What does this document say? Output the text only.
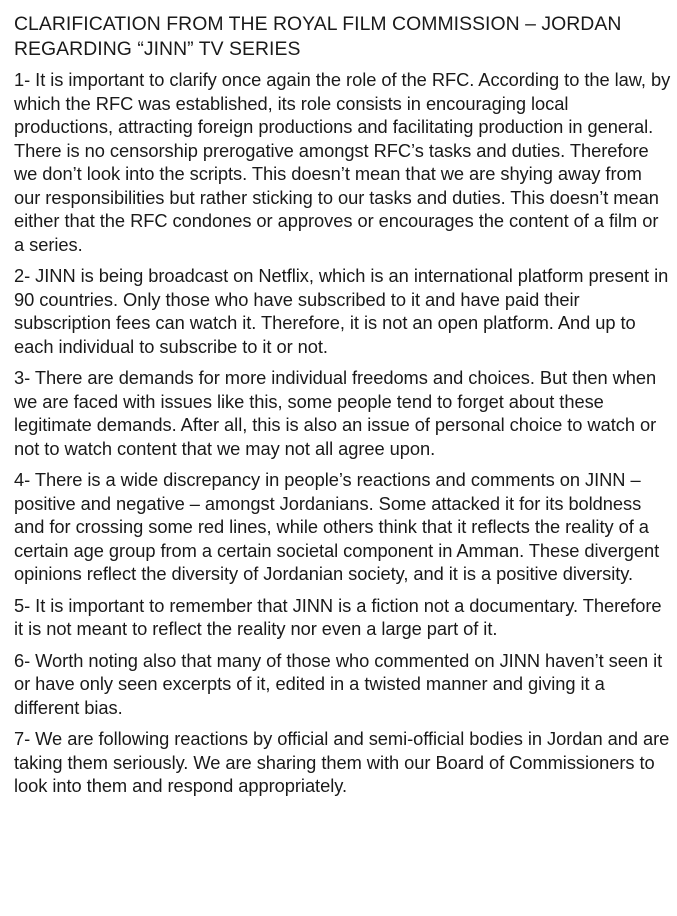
CLARIFICATION FROM THE ROYAL FILM COMMISSION – JORDAN
REGARDING “JINN” TV SERIES

1- It is important to clarify once again the role of the RFC. According to the law, by which the RFC was established, its role consists in encouraging local productions, attracting foreign productions and facilitating production in general. There is no censorship prerogative amongst RFC’s tasks and duties. Therefore we don’t look into the scripts. This doesn’t mean that we are shying away from our responsibilities but rather sticking to our tasks and duties. This doesn’t mean either that the RFC condones or approves or encourages the content of a film or a series.

2- JINN is being broadcast on Netflix, which is an international platform present in 90 countries. Only those who have subscribed to it and have paid their subscription fees can watch it. Therefore, it is not an open platform. And up to each individual to subscribe to it or not.

3- There are demands for more individual freedoms and choices. But then when we are faced with issues like this, some people tend to forget about these legitimate demands. After all, this is also an issue of personal choice to watch or not to watch content that we may not all agree upon.

4- There is a wide discrepancy in people’s reactions and comments on JINN – positive and negative – amongst Jordanians. Some attacked it for its boldness and for crossing some red lines, while others think that it reflects the reality of a certain age group from a certain societal component in Amman. These divergent opinions reflect the diversity of Jordanian society, and it is a positive diversity.

5- It is important to remember that JINN is a fiction not a documentary. Therefore it is not meant to reflect the reality nor even a large part of it.

6- Worth noting also that many of those who commented on JINN haven’t seen it or have only seen excerpts of it, edited in a twisted manner and giving it a different bias.

7- We are following reactions by official and semi-official bodies in Jordan and are taking them seriously. We are sharing them with our Board of Commissioners to look into them and respond appropriately.
